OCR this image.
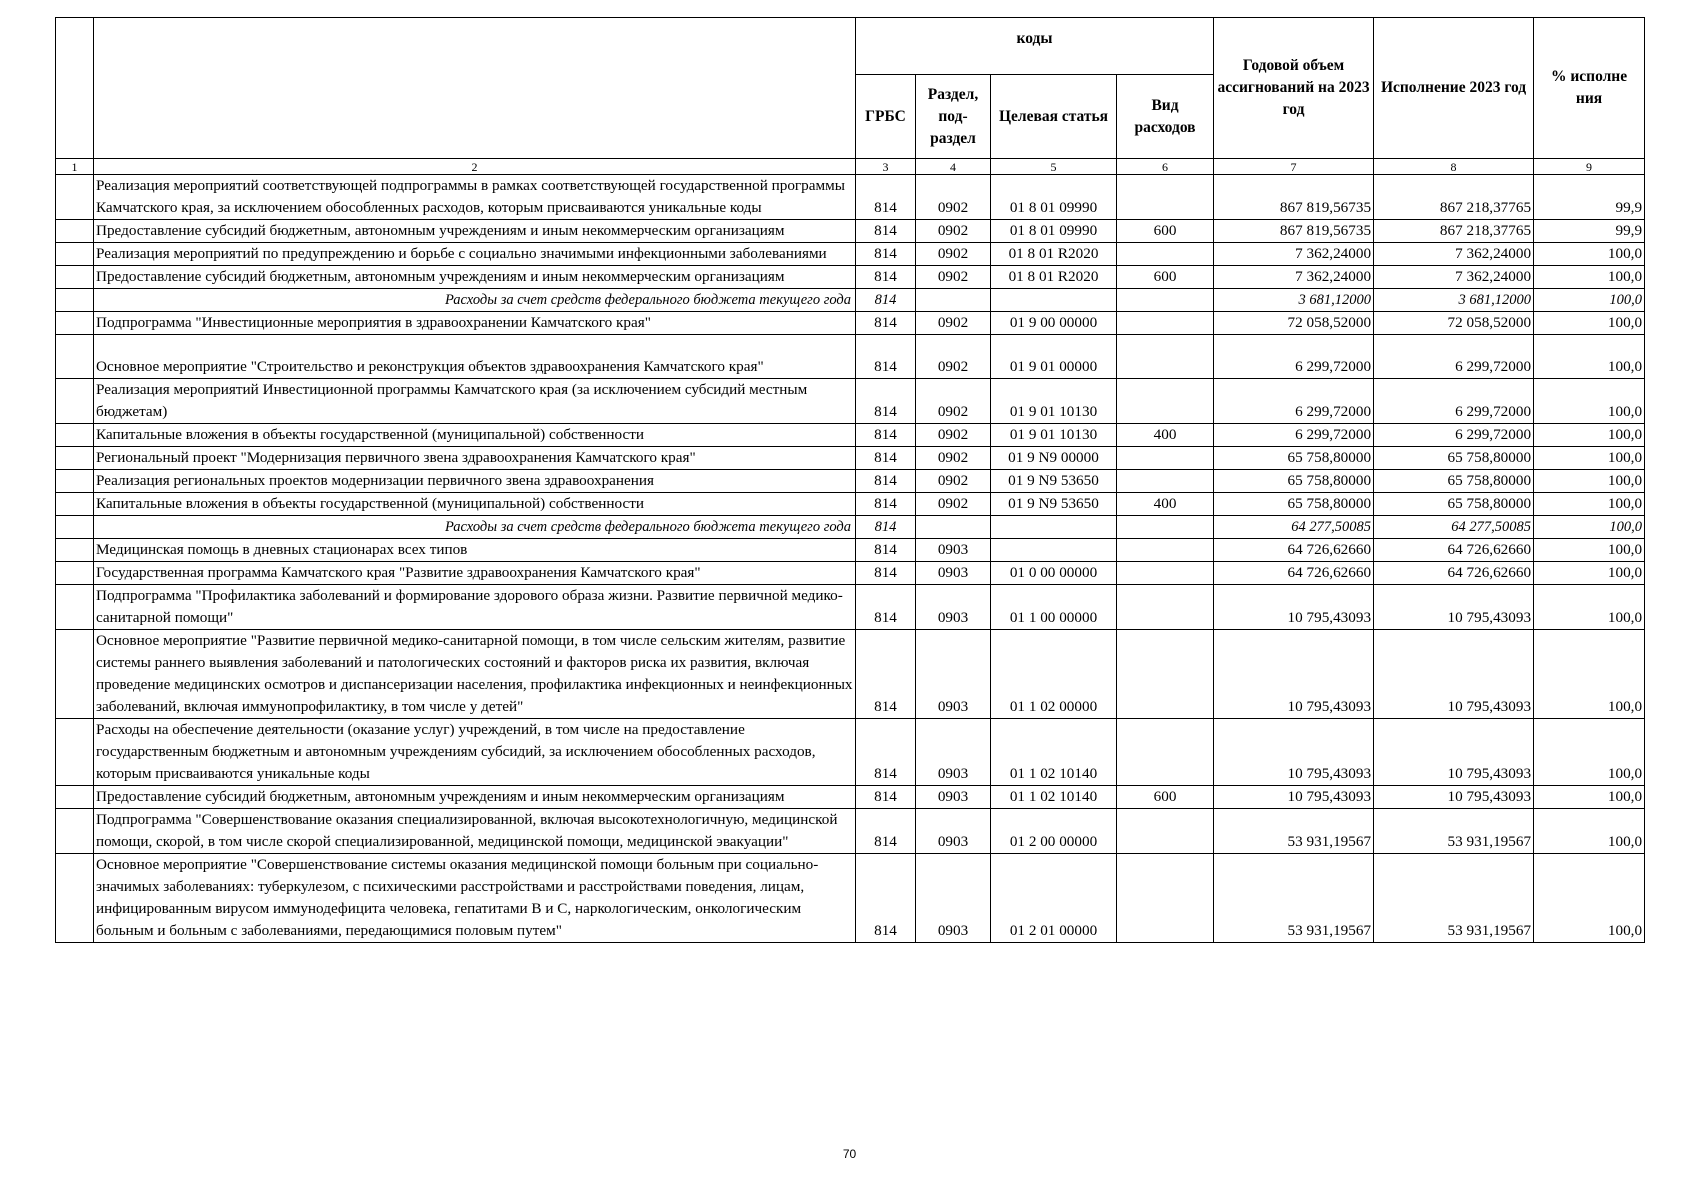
		коды				Годовой объем ассигнований на 2023 год	Исполнение 2023 год	% исполне ния
		ГРБС	Раздел, под-раздел	Целевая статья	Вид расходов			
1	2	3	4	5	6	7	8	9
	Реализация мероприятий соответствующей подпрограммы в рамках соответствующей государственной программы Камчатского края, за исключением обособленных расходов, которым присваиваются уникальные коды	814	0902	01 8 01 09990		867 819,56735	867 218,37765	99,9
	Предоставление субсидий бюджетным, автономным учреждениям и иным некоммерческим организациям	814	0902	01 8 01 09990	600	867 819,56735	867 218,37765	99,9
	Реализация мероприятий по предупреждению и борьбе с социально значимыми инфекционными заболеваниями	814	0902	01 8 01 R2020		7 362,24000	7 362,24000	100,0
	Предоставление субсидий бюджетным, автономным учреждениям и иным некоммерческим организациям	814	0902	01 8 01 R2020	600	7 362,24000	7 362,24000	100,0
	Расходы за счет средств федерального бюджета текущего года	814				3 681,12000	3 681,12000	100,0
	Подпрограмма "Инвестиционные мероприятия в здравоохранении Камчатского края"	814	0902	01 9 00 00000		72 058,52000	72 058,52000	100,0
	Основное мероприятие "Строительство и реконструкция объектов здравоохранения Камчатского края"	814	0902	01 9 01 00000		6 299,72000	6 299,72000	100,0
	Реализация мероприятий Инвестиционной программы Камчатского края (за исключением субсидий местным бюджетам)	814	0902	01 9 01 10130		6 299,72000	6 299,72000	100,0
	Капитальные вложения в объекты государственной (муниципальной) собственности	814	0902	01 9 01 10130	400	6 299,72000	6 299,72000	100,0
	Региональный проект "Модернизация первичного звена здравоохранения Камчатского края"	814	0902	01 9 N9 00000		65 758,80000	65 758,80000	100,0
	Реализация региональных проектов модернизации первичного звена здравоохранения	814	0902	01 9 N9 53650		65 758,80000	65 758,80000	100,0
	Капитальные вложения в объекты государственной (муниципальной) собственности	814	0902	01 9 N9 53650	400	65 758,80000	65 758,80000	100,0
	Расходы за счет средств федерального бюджета текущего года	814				64 277,50085	64 277,50085	100,0
	Медицинская помощь в дневных стационарах всех типов	814	0903			64 726,62660	64 726,62660	100,0
	Государственная программа Камчатского края "Развитие здравоохранения Камчатского края"	814	0903	01 0 00 00000		64 726,62660	64 726,62660	100,0
	Подпрограмма "Профилактика заболеваний и формирование здорового образа жизни. Развитие первичной медико-санитарной помощи"	814	0903	01 1 00 00000		10 795,43093	10 795,43093	100,0
	Основное мероприятие "Развитие первичной медико-санитарной помощи, в том числе сельским жителям, развитие системы раннего выявления заболеваний и патологических состояний и факторов риска их развития, включая проведение медицинских осмотров и диспансеризации населения, профилактика инфекционных и неинфекционных заболеваний, включая иммунопрофилактику, в том числе у детей"	814	0903	01 1 02 00000		10 795,43093	10 795,43093	100,0
	Расходы на обеспечение деятельности (оказание услуг) учреждений, в том числе на предоставление государственным бюджетным и автономным учреждениям субсидий, за исключением обособленных расходов, которым присваиваются уникальные коды	814	0903	01 1 02 10140		10 795,43093	10 795,43093	100,0
	Предоставление субсидий бюджетным, автономным учреждениям и иным некоммерческим организациям	814	0903	01 1 02 10140	600	10 795,43093	10 795,43093	100,0
	Подпрограмма "Совершенствование оказания специализированной, включая высокотехнологичную, медицинской помощи, скорой, в том числе скорой специализированной, медицинской помощи, медицинской эвакуации"	814	0903	01 2 00 00000		53 931,19567	53 931,19567	100,0
	Основное мероприятие "Совершенствование системы оказания медицинской помощи больным при социально-значимых заболеваниях: туберкулезом, с психическими расстройствами и расстройствами поведения, лицам, инфицированным вирусом иммунодефицита человека, гепатитами B и C, наркологическим, онкологическим больным и больным с заболеваниями, передающимися половым путем"	814	0903	01 2 01 00000		53 931,19567	53 931,19567	100,0
70
